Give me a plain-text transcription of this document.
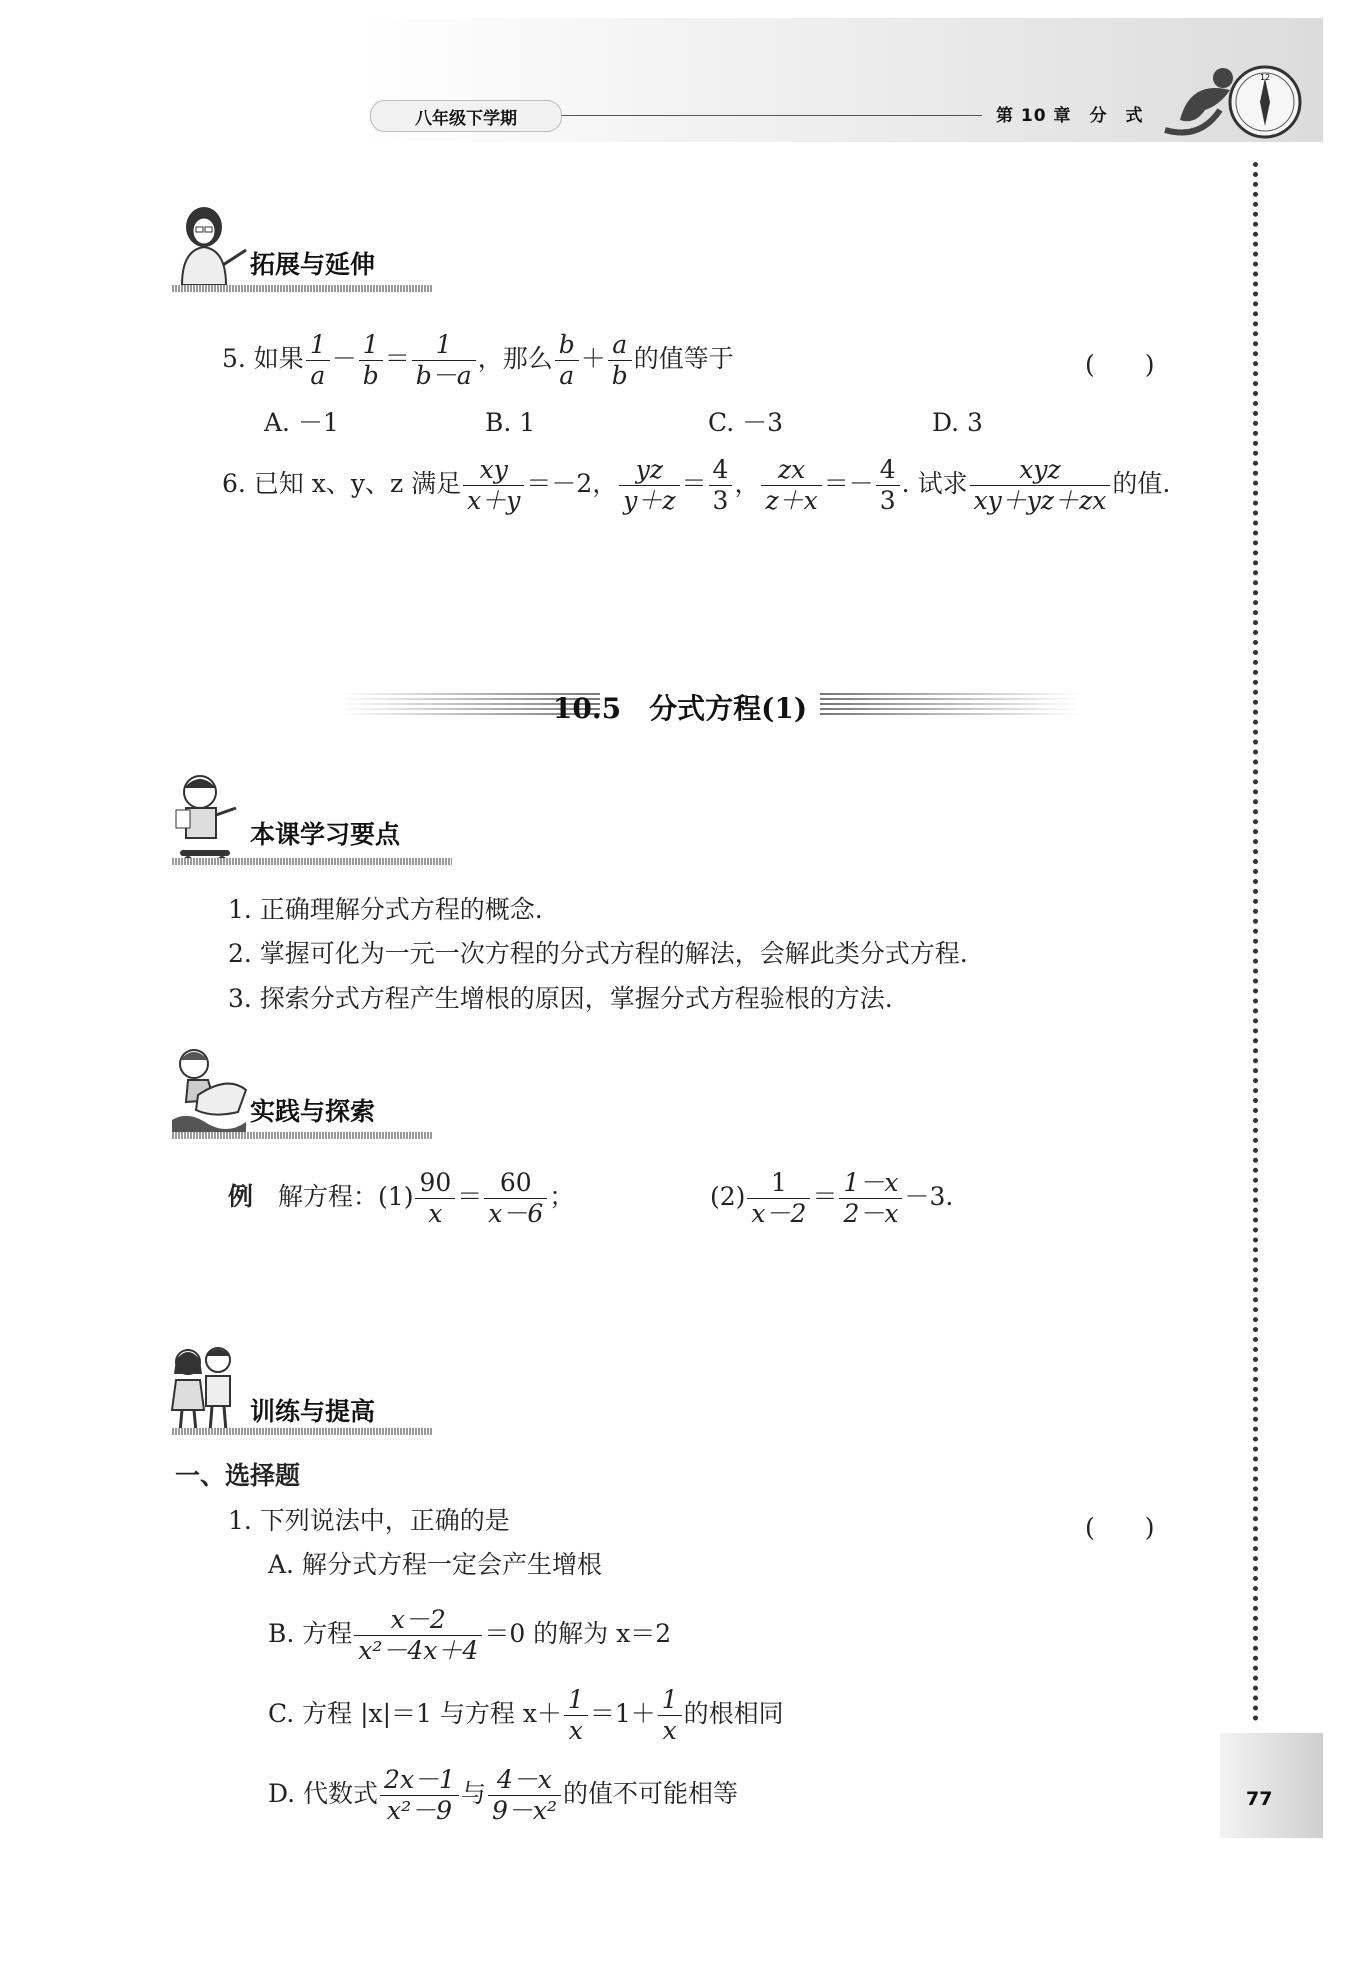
八年级下学期	第 10 章　分　式
12
拓展与延伸
5. 如果 $\frac{1}{a} - \frac{1}{b} = \frac{1}{b-a}$ ，那么 $\frac{b}{a} + \frac{a}{b}$ 的值等于	(　　)
A. －1	B. 1	C. －3	D. 3
6. 已知 x、y、z 满足 $\frac{xy}{x+y} =-2$， $\frac{yz}{y+z} = \frac{4}{3}$ ， $\frac{zx}{z+x} =- \frac{4}{3}$ . 试求 $\frac{\text{xyz}}{xy+yz+zx}$ 的值.
10.5　分式方程(1)
本课学习要点
1. 正确理解分式方程的概念.
2. 掌握可化为一元一次方程的分式方程的解法，会解此类分式方程.
3. 探索分式方程产生增根的原因，掌握分式方程验根的方法.
实践与探索
例　 解方程：$(1) \frac{90}{x} = \frac{60}{x-6}$ ；	$(2) \frac{1}{x-2} = \frac{1-x}{2-x} -3$.
训练与提高
一、选择题
1. 下列说法中，正确的是	(　　)
A. 解分式方程一定会产生增根
B. 方程 $\frac{x-2}{\text{x²－4x＋4}} =0$ 的解为 x＝2
C. 方程 |x|＝1 与方程 $x+ \frac{1}{x} =1+ \frac{1}{x}$ 的根相同
D. 代数式 $\frac{2x-1}{\text{x²－9}}$ 与 $\frac{4-x}{\text{9－x²}}$ 的值不可能相等	77
